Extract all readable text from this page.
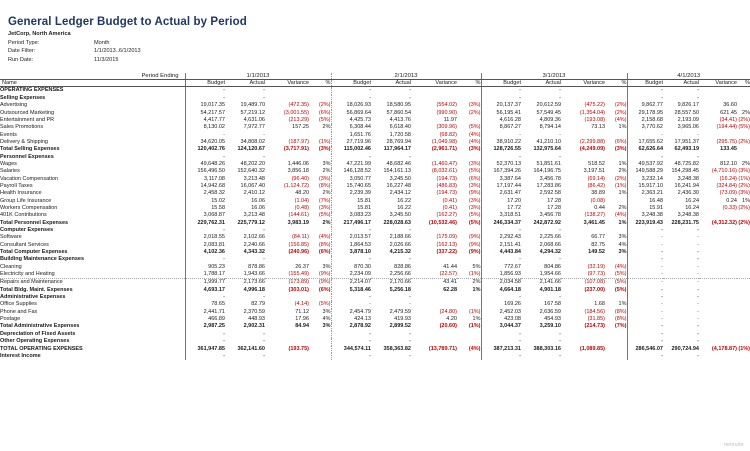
General Ledger Budget to Actual by Period
JetCorp, North America
Period Type:	Month
Date Filter:	1/1/2013..6/1/2013
Run Date:	11/3/2015
Period Ending	1/1/2013				2/1/2013				3/1/2013				4/1/2013			
Name	Budget	Actual	Variance	%	Budget	Actual	Variance	%	Budget	Actual	Variance	%	Budget	Actual	Variance	%
OPERATING EXPENSES	-	-			-	-			-	-			-	-		
Selling Expenses	-	-			-	-			-	-			-	-		
Advertising	19,017.35	19,489.70	(472.35)	(2%)	18,026.93	18,580.95	(554.02)	(3%)	20,137.37	20,612.59	(475.22)	(2%)	9,862.77	9,826.17	36.60	
Outsourced Marketing	54,217.57	57,219.12	(3,001.55)	(6%)	56,869.64	57,860.54	(990.90)	(2%)	56,195.41	57,549.45	(1,354.04)	(2%)	29,178.95	28,557.50	621.45	2%
Entertainment and PR	4,417.77	4,631.06	(213.29)	(5%)	4,425.73	4,413.76	11.97		4,616.28	4,809.36	(193.08)	(4%)	2,158.68	2,193.09	(34.41)	(2%)
Sales Promotions	8,130.02	7,972.77	157.25	2%	6,308.44	6,618.40	(309.96)	(5%)	8,867.27	8,794.14	73.13	1%	3,770.62	3,965.06	(194.44)	(5%)
Events	-	-			1,651.76	1,720.58	(68.82)	(4%)	-	-			-	-		
Delivery & Shipping	34,620.05	34,808.02	(187.97)	(1%)	27,719.96	28,769.94	(1,049.98)	(4%)	38,910.22	41,210.10	(2,299.88)	(6%)	17,655.62	17,951.37	(295.75)	(2%)
Total Selling Expenses	120,402.76	124,120.67	(3,717.91)	(3%)	115,002.46	117,964.17	(2,961.71)	(3%)	128,726.55	132,975.64	(4,249.09)	(3%)	62,626.64	62,493.19	133.45	
Personnel Expenses	-	-			-	-			-	-			-	-		
Wages	49,648.26	48,202.20	1,446.06	3%	47,221.99	48,682.46	(1,460.47)	(3%)	52,370.13	51,851.61	518.52	1%	49,537.92	48,725.82	812.10	2%
Salaries	156,496.50	152,640.32	3,856.18	2%	146,128.52	154,161.13	(8,032.61)	(5%)	167,394.26	164,196.75	3,197.51	2%	149,588.29	154,298.45	(4,710.16)	(3%)
Vacation Compensation	3,117.08	3,213.48	(96.40)	(3%)	3,050.77	3,245.50	(194.73)	(6%)	3,387.64	3,456.78	(69.14)	(2%)	3,232.14	3,248.38	(16.24)	(1%)
Payroll Taxes	14,942.68	16,067.40	(1,124.72)	(8%)	15,740.65	16,227.48	(486.83)	(3%)	17,197.44	17,283.86	(86.42)	(1%)	15,917.10	16,241.94	(324.84)	(2%)
Health Insurance	2,458.32	2,410.12	48.20	2%	2,239.39	2,434.12	(194.73)	(9%)	2,631.47	2,592.58	38.89	1%	2,363.21	2,436.30	(73.09)	(3%)
Group Life Insurance	15.02	16.06	(1.04)	(7%)	15.81	16.22	(0.41)	(3%)	17.20	17.28	(0.08)		16.48	16.24	0.24	1%
Workers Compensation	15.58	16.06	(0.48)	(3%)	15.81	16.22	(0.41)	(3%)	17.72	17.28	0.44	2%	15.91	16.24	(0.33)	(2%)
401K Contributions	3,068.87	3,213.48	(144.61)	(5%)	3,083.23	3,245.50	(162.27)	(5%)	3,318.51	3,456.78	(138.27)	(4%)	3,248.38	3,248.38		
Total Personnel Expenses	229,762.31	225,779.12	3,983.19	2%	217,496.17	228,028.63	(10,532.46)	(5%)	246,334.37	242,872.92	3,461.45	1%	223,919.43	228,231.75	(4,312.32)	(2%)
Computer Expenses	-	-			-	-			-	-			-	-		
Software	2,018.55	2,102.66	(84.11)	(4%)	2,013.57	2,188.66	(175.09)	(9%)	2,292.43	2,225.66	66.77	3%	-	-		
Consultant Services	2,083.81	2,240.66	(156.85)	(8%)	1,864.53	2,026.66	(162.13)	(9%)	2,151.41	2,068.66	82.75	4%	-	-		
Total Computer Expenses	4,102.36	4,343.32	(240.96)	(6%)	3,878.10	4,215.32	(337.22)	(9%)	4,443.84	4,294.32	149.52	3%	-	-		
Building Maintenance Expenses	-	-			-	-			-	-			-	-		
Cleaning	905.23	878.86	26.37	3%	870.30	828.86	41.44	5%	772.67	804.86	(32.19)	(4%)	-	-		
Electricity and Heating	1,788.17	1,943.66	(155.49)	(9%)	2,234.09	2,256.66	(22.57)	(1%)	1,856.93	1,954.66	(97.73)	(5%)	-	-		
Repairs and Maintenance	1,999.77	2,173.66	(173.89)	(9%)	2,214.07	2,170.66	43.41	2%	2,034.58	2,141.66	(107.08)	(5%)	-	-		
Total Bldg. Maint. Expenses	4,693.17	4,996.18	(303.01)	(6%)	5,318.46	5,256.18	62.28	1%	4,664.18	4,901.18	(237.00)	(5%)	-	-		
Administrative Expenses	-	-			-	-			-	-			-	-		
Office Supplies	78.65	82.79	(4.14)	(5%)	-	-			169.26	167.58	1.68	1%	-	-		
Phone and Fax	2,441.71	2,370.59	71.12	3%	2,454.79	2,479.59	(24.80)	(1%)	2,452.03	2,636.59	(184.56)	(8%)	-	-		
Postage	466.89	448.93	17.96	4%	424.13	419.93	4.20	1%	423.08	454.93	(31.85)	(8%)	-	-		
Total Administrative Expenses	2,987.25	2,902.31	84.94	3%	2,878.92	2,899.52	(20.60)	(1%)	3,044.37	3,259.10	(214.73)	(7%)	-	-		
Depreciation of Fixed Assets	-	-			-	-			-	-			-	-		
Other Operating Expenses	-	-			-	-			-	-			-	-		
TOTAL OPERATING EXPENSES	361,947.85	362,141.60	(193.75)		344,574.11	358,363.82	(13,789.71)	(4%)	387,213.31	388,303.16	(1,089.85)		286,546.07	290,724.94	(4,178.87)	(1%)
Interest Income	-	-			-	-			-	-			-	-		
netsuite
